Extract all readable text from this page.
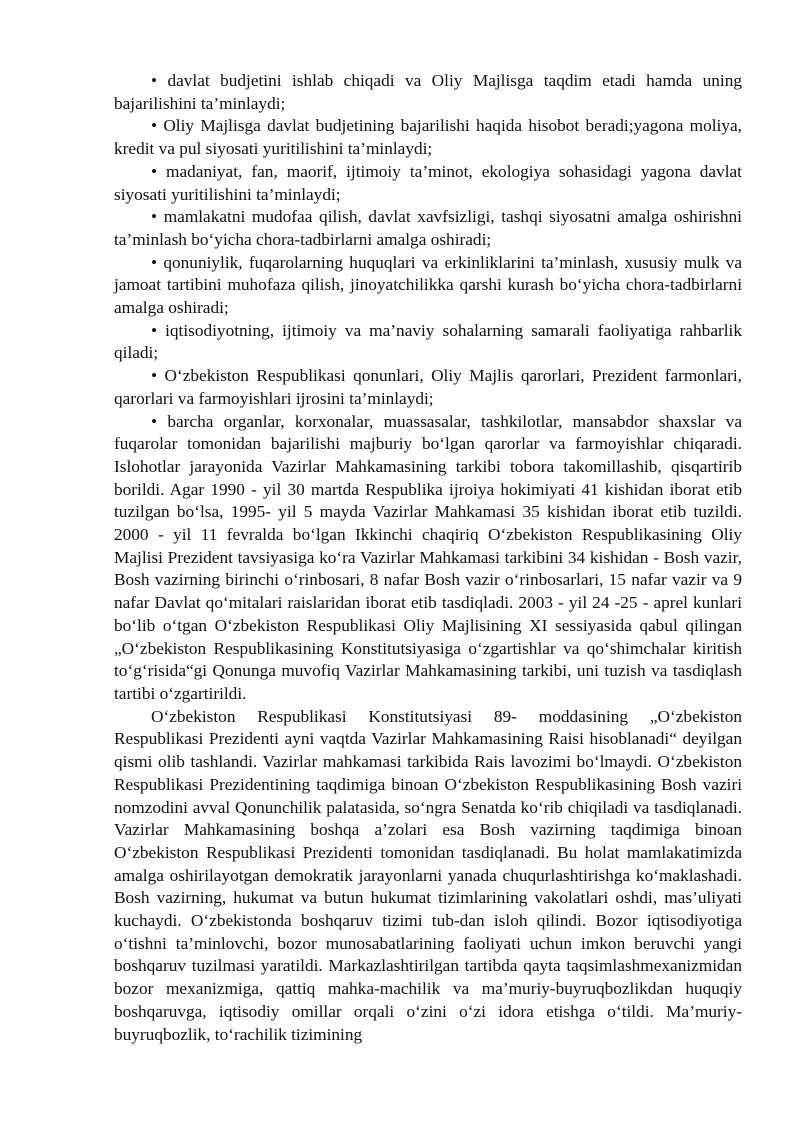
• davlat budjetini ishlab chiqadi va Oliy Majlisga taqdim etadi hamda uning bajarilishini ta’minlaydi;

• Oliy Majlisga davlat budjetining bajarilishi haqida hisobot beradi;yagona moliya, kredit va pul siyosati yuritilishini ta’minlaydi;

• madaniyat, fan, maorif, ijtimoiy ta’minot, ekologiya sohasidagi yagona davlat siyosati yuritilishini ta’minlaydi;

• mamlakatni mudofaa qilish, davlat xavfsizligi, tashqi siyosatni amalga oshirishni ta’minlash bo‘yicha chora-tadbirlarni amalga oshiradi;

• qonuniylik, fuqarolarning huquqlari va erkinliklarini ta’minlash, xususiy mulk va jamoat tartibini muhofaza qilish, jinoyatchilikka qarshi kurash bo‘yicha chora-tadbirlarni amalga oshiradi;

• iqtisodiyotning, ijtimoiy va ma’naviy sohalarning samarali faoliyatiga rahbarlik qiladi;

• O‘zbekiston Respublikasi qonunlari, Oliy Majlis qarorlari, Prezident farmonlari, qarorlari va farmoyishlari ijrosini ta’minlaydi;

• barcha organlar, korxonalar, muassasalar, tashkilotlar, mansabdor shaxslar va fuqarolar tomonidan bajarilishi majburiy bo‘lgan qarorlar va farmoyishlar chiqaradi. Islohotlar jarayonida Vazirlar Mahkamasining tarkibi tobora takomillashib, qisqartirib borildi. Agar 1990 - yil 30 martda Respublika ijroiya hokimiyati 41 kishidan iborat etib tuzilgan bo‘lsa, 1995- yil 5 mayda Vazirlar Mahkamasi 35 kishidan iborat etib tuzildi. 2000 - yil 11 fevralda bo‘lgan Ikkinchi chaqiriq O‘zbekiston Respublikasining Oliy Majlisi Prezident tavsiyasiga ko‘ra Vazirlar Mahkamasi tarkibini 34 kishidan - Bosh vazir, Bosh vazirning birinchi o‘rinbosari, 8 nafar Bosh vazir o‘rinbosarlari, 15 nafar vazir va 9 nafar Davlat qo‘mitalari raislaridan iborat etib tasdiqladi. 2003 - yil 24 -25 - aprel kunlari bo‘lib o‘tgan O‘zbekiston Respublikasi Oliy Majlisining XI sessiyasida qabul qilingan „O‘zbekiston Respublikasining Konstitutsiyasiga o‘zgartishlar va qo‘shimchalar kiritish to‘g‘risida“gi Qonunga muvofiq Vazirlar Mahkamasining tarkibi, uni tuzish va tasdiqlash tartibi o‘zgartirildi.

O‘zbekiston Respublikasi Konstitutsiyasi 89- moddasining „O‘zbekiston Respublikasi Prezidenti ayni vaqtda Vazirlar Mahkamasining Raisi hisoblanadi“ deyilgan qismi olib tashlandi. Vazirlar mahkamasi tarkibida Rais lavozimi bo‘lmaydi. O‘zbekiston Respublikasi Prezidentining taqdimiga binoan O‘zbekiston Respublikasining Bosh vaziri nomzodini avval Qonunchilik palatasida, so‘ngra Senatda ko‘rib chiqiladi va tasdiqlanadi. Vazirlar Mahkamasining boshqa a’zolari esa Bosh vazirning taqdimiga binoan O‘zbekiston Respublikasi Prezidenti tomonidan tasdiqlanadi. Bu holat mamlakatimizda amalga oshirilayotgan demokratik jarayonlarni yanada chuqurlashtirishga ko‘maklashadi. Bosh vazirning, hukumat va butun hukumat tizimlarining vakolatlari oshdi, mas’uliyati kuchaydi. O‘zbekistonda boshqaruv tizimi tub-dan isloh qilindi. Bozor iqtisodiyotiga o‘tishni ta’minlovchi, bozor munosabatlarining faoliyati uchun imkon beruvchi yangi boshqaruv tuzilmasi yaratildi. Markazlashtirilgan tartibda qayta taqsimlashmexanizmidan bozor mexanizmiga, qattiq mahka-machilik va ma’muriy-buyruqbozlikdan huquqiy boshqaruvga, iqtisodiy omillar orqali o‘zini o‘zi idora etishga o‘tildi. Ma’muriy-buyruqbozlik, to‘rachilik tizimining
